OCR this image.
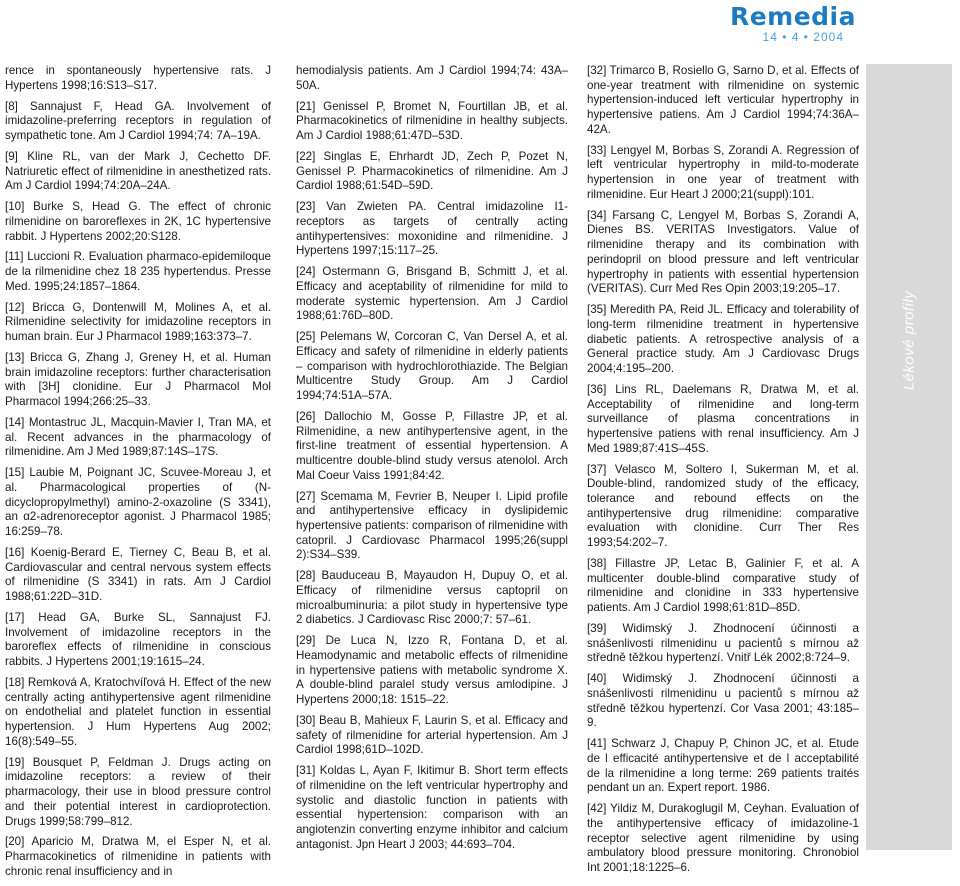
Remedia
14 • 4 • 2004

rence in spontaneously hypertensive rats. J Hypertens 1998;16:S13–S17.

[8] Sannajust F, Head GA. Involvement of imidazoline-preferring receptors in regulation of sympathetic tone. Am J Cardiol 1994;74: 7A–19A.

[9] Kline RL, van der Mark J, Cechetto DF. Natriuretic effect of rilmenidine in anesthetized rats. Am J Cardiol 1994;74:20A–24A.

[10] Burke S, Head G. The effect of chronic rilmenidine on baroreflexes in 2K, 1C hypertensive rabbit. J Hypertens 2002;20:S128.

[11] Luccioni R. Evaluation pharmaco-epidemiloque de la rilmenidine chez 18 235 hypertendus. Presse Med. 1995;24:1857–1864.

[12] Bricca G, Dontenwill M, Molines A, et al. Rilmenidine selectivity for imidazoline receptors in human brain. Eur J Pharmacol 1989;163:373–7.

[13] Bricca G, Zhang J, Greney H, et al. Human brain imidazoline receptors: further characterisation with [3H] clonidine. Eur J Pharmacol Mol Pharmacol 1994;266:25–33.

[14] Montastruc JL, Macquin-Mavier I, Tran MA, et al. Recent advances in the pharmacology of rilmenidine. Am J Med 1989;87:14S–17S.

[15] Laubie M, Poignant JC, Scuvee-Moreau J, et al. Pharmacological properties of (N-dicyclopropylmethyl) amino-2-oxazoline (S 3341), an α2-adrenoreceptor agonist. J Pharmacol 1985; 16:259–78.

[16] Koenig-Berard E, Tierney C, Beau B, et al. Cardiovascular and central nervous system effects of rilmenidine (S 3341) in rats. Am J Cardiol 1988;61:22D–31D.

[17] Head GA, Burke SL, Sannajust FJ. Involvement of imidazoline receptors in the baroreflex effects of rilmenidine in conscious rabbits. J Hypertens 2001;19:1615–24.

[18] Remková A, Kratochvíľová H. Effect of the new centrally acting antihypertensive agent rilmenidine on endothelial and platelet function in essential hypertension. J Hum Hypertens Aug 2002; 16(8):549–55.

[19] Bousquet P, Feldman J. Drugs acting on imidazoline receptors: a review of their pharmacology, their use in blood pressure control and their potential interest in cardioprotection. Drugs 1999;58:799–812.

[20] Aparicio M, Dratwa M, el Esper N, et al. Pharmacokinetics of rilmenidine in patients with chronic renal insufficiency and in

hemodialysis patients. Am J Cardiol 1994;74: 43A–50A.

[21] Genissel P, Bromet N, Fourtillan JB, et al. Pharmacokinetics of rilmenidine in healthy subjects. Am J Cardiol 1988;61:47D–53D.

[22] Singlas E, Ehrhardt JD, Zech P, Pozet N, Genissel P. Pharmacokinetics of rilmenidine. Am J Cardiol 1988;61:54D–59D.

[23] Van Zwieten PA. Central imidazoline I1-receptors as targets of centrally acting antihypertensives: moxonidine and rilmenidine. J Hypertens 1997;15:117–25.

[24] Ostermann G, Brisgand B, Schmitt J, et al. Efficacy and aceptability of rilmenidine for mild to moderate systemic hypertension. Am J Cardiol 1988;61:76D–80D.

[25] Pelemans W, Corcoran C, Van Dersel A, et al. Efficacy and safety of rilmenidine in elderly patients – comparison with hydrochlorothiazide. The Belgian Multicentre Study Group. Am J Cardiol 1994;74:51A–57A.

[26] Dallochio M, Gosse P, Fillastre JP, et al. Rilmenidine, a new antihypertensive agent, in the first-line treatment of essential hypertension. A multicentre double-blind study versus atenolol. Arch Mal Coeur Vaiss 1991;84:42.

[27] Scemama M, Fevrier B, Neuper I. Lipid profile and antihypertensive efficacy in dyslipidemic hypertensive patients: comparison of rilmenidine with catopril. J Cardiovasc Pharmacol 1995;26(suppl 2):S34–S39.

[28] Bauduceau B, Mayaudon H, Dupuy O, et al. Efficacy of rilmenidine versus captopril on microalbuminuria: a pilot study in hypertensive type 2 diabetics. J Cardiovasc Risc 2000;7: 57–61.

[29] De Luca N, Izzo R, Fontana D, et al. Heamodynamic and metabolic effects of rilmenidine in hypertensive patiens with metabolic syndrome X. A double-blind paralel study versus amlodipine. J Hypertens 2000;18: 1515–22.

[30] Beau B, Mahieux F, Laurin S, et al. Efficacy and safety of rilmenidine for arterial hypertension. Am J Cardiol 1998;61D–102D.

[31] Koldas L, Ayan F, Ikitimur B. Short term effects of rilmenidine on the left ventricular hypertrophy and systolic and diastolic function in patients with essential hypertension: comparison with an angiotenzin converting enzyme inhibitor and calcium antagonist. Jpn Heart J 2003; 44:693–704.

[32] Trimarco B, Rosiello G, Sarno D, et al. Effects of one-year treatment with rilmenidine on systemic hypertension-induced left verticular hypertrophy in hypertensive patiens. Am J Cardiol 1994;74:36A–42A.

[33] Lengyel M, Borbas S, Zorandi A. Regression of left ventricular hypertrophy in mild-to-moderate hypertension in one year of treatment with rilmenidine. Eur Heart J 2000;21(suppl):101.

[34] Farsang C, Lengyel M, Borbas S, Zorandi A, Dienes BS. VERITAS Investigators. Value of rilmenidine therapy and its combination with perindopril on blood pressure and left ventricular hypertrophy in patients with essential hypertension (VERITAS). Curr Med Res Opin 2003;19:205–17.

[35] Meredith PA, Reid JL. Efficacy and tolerability of long-term rilmenidine treatment in hypertensive diabetic patients. A retrospective analysis of a General practice study. Am J Cardiovasc Drugs 2004;4:195–200.

[36] Lins RL, Daelemans R, Dratwa M, et al. Acceptability of rilmenidine and long-term surveillance of plasma concentrations in hypertensive patiens with renal insufficiency. Am J Med 1989;87:41S–45S.

[37] Velasco M, Soltero I, Sukerman M, et al. Double-blind, randomized study of the efficacy, tolerance and rebound effects on the antihypertensive drug rilmenidine: comparative evaluation with clonidine. Curr Ther Res 1993;54:202–7.

[38] Fillastre JP, Letac B, Galinier F, et al. A multicenter double-blind comparative study of rilmenidine and clonidine in 333 hypertensive patients. Am J Cardiol 1998;61:81D–85D.

[39] Widimský J. Zhodnocení účinnosti a snášenlivosti rilmenidinu u pacientů s mírnou až středně těžkou hypertenzí. Vnitř Lék 2002;8:724–9.

[40] Widimský J. Zhodnocení účinnosti a snášenlivosti rilmenidinu u pacientů s mírnou až středně těžkou hypertenzí. Cor Vasa 2001; 43:185–9.

[41] Schwarz J, Chapuy P, Chinon JC, et al. Etude de l efficacité antihypertensive et de l acceptabilité de la rilmenidine a long terme: 269 patients traités pendant un an. Expert report. 1986.

[42] Yildiz M, Durakoglugil M, Ceyhan. Evaluation of the antihypertensive efficacy of imidazoline-1 receptor selective agent rilmenidine by using ambulatory blood pressure monitoring. Chronobiol Int 2001;18:1225–6.

Lékové profily
